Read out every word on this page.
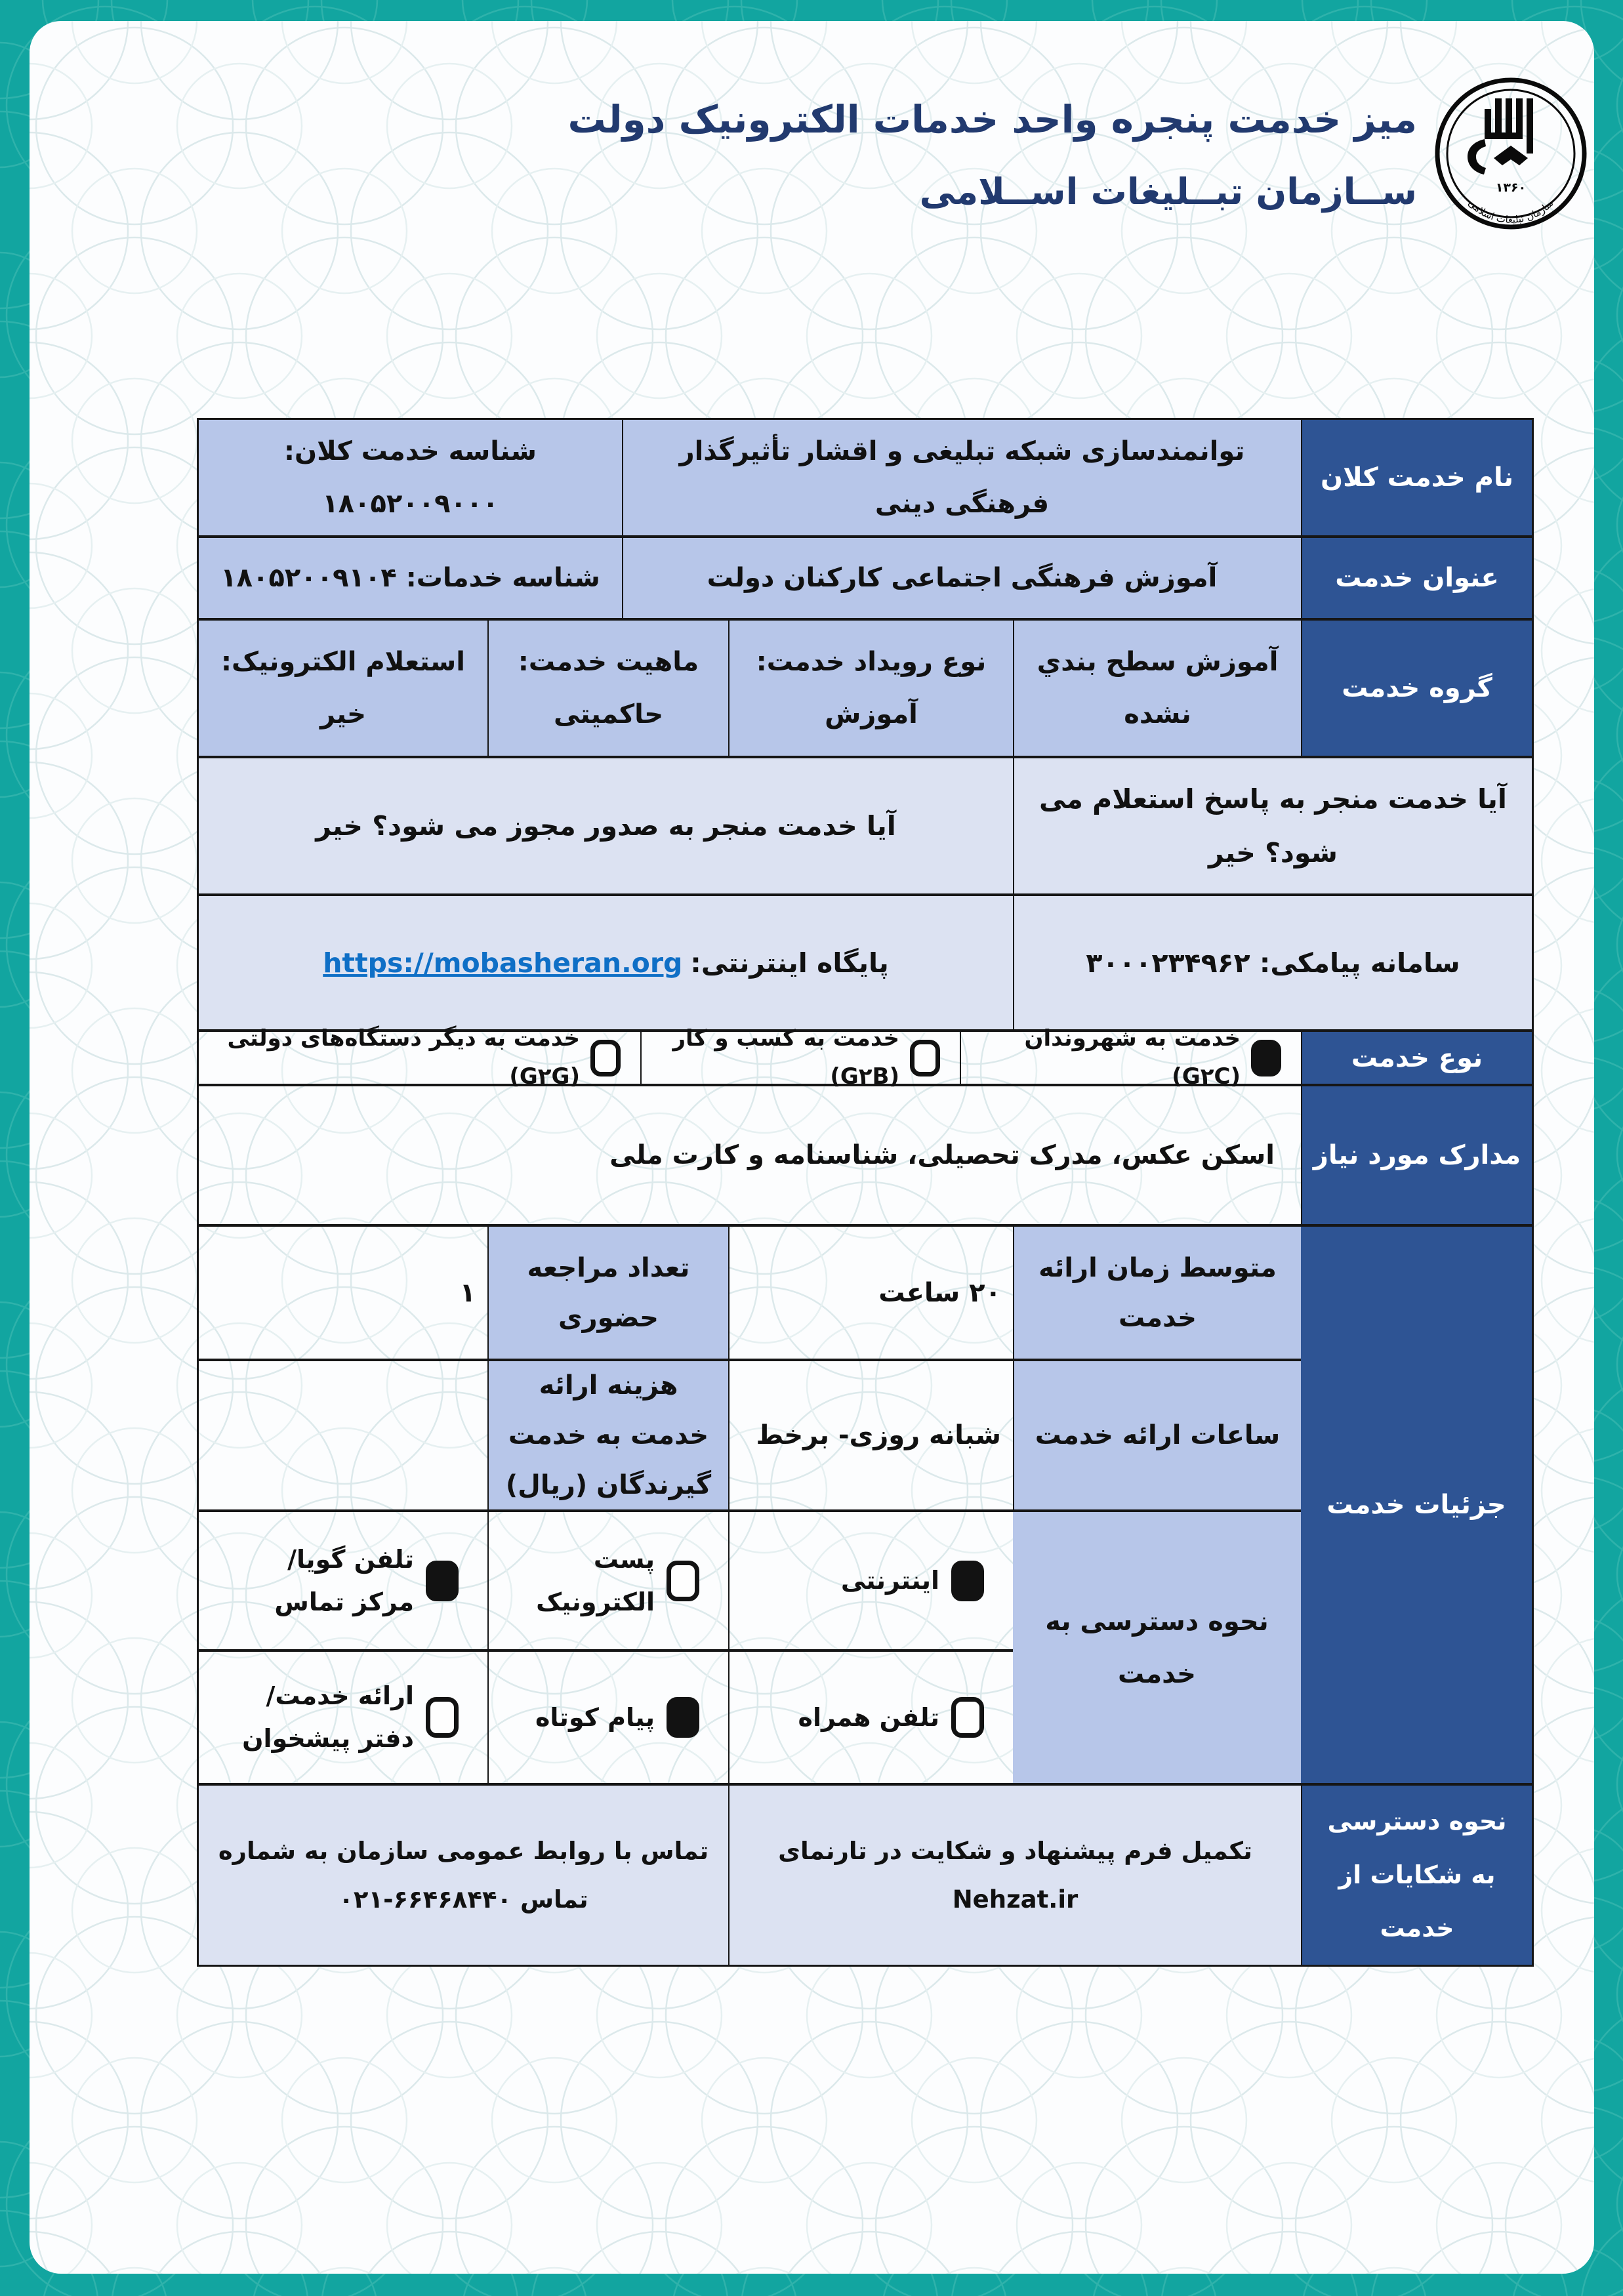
میز خدمت پنجره واحد خدمات الکترونیک دولت
ســازمان تبــلیغات اســلامی	۱۳۶۰
سازمان تبلیغات اسلامی
نام خدمت کلان
توانمندسازی شبکه تبلیغی و اقشار تأثیرگذار فرهنگی دینی
شناسه خدمت کلان: ۱۸۰۵۲۰۰۹۰۰۰
عنوان خدمت
آموزش فرهنگی اجتماعی کارکنان دولت
شناسه خدمات: ۱۸۰۵۲۰۰۹۱۰۴
گروه خدمت
آموزش سطح بندي نشده
نوع رویداد خدمت:
آموزش
ماهیت خدمت:
حاکمیتی
استعلام الکترونیک:
خیر
آیا خدمت منجر به پاسخ استعلام می شود؟ خیر
آیا خدمت منجر به صدور مجوز می شود؟ خیر
سامانه پیامکی: ۳۰۰۰۲۳۴۹۶۲
پایگاه اینترنتی:
https://mobasheran.org
نوع خدمت
خدمت به شهروندان (G۲C)
خدمت به کسب و کار (G۲B)
خدمت به دیگر دستگاه‌های دولتی (G۲G)
مدارک مورد نیاز
اسکن عکس، مدرک تحصیلی، شناسنامه و کارت ملی
جزئیات خدمت
متوسط زمان ارائه خدمت
۲۰ ساعت
تعداد مراجعه حضوری
۱
ساعات ارائه خدمت
شبانه روزی- برخط
هزینه ارائه خدمت به خدمت گیرندگان (ریال)
نحوه دسترسی به خدمت
اینترنتی
پست الکترونیک
تلفن گویا/ مرکز تماس
تلفن همراه
پیام کوتاه
ارائه خدمت/ دفتر پیشخوان
نحوه دسترسی به شکایات از خدمت
تکمیل فرم پیشنهاد و شکایت در تارنمای Nehzat.ir
تماس با روابط عمومی سازمان به شماره تماس ۶۶۴۶۸۴۴۰-۰۲۱
